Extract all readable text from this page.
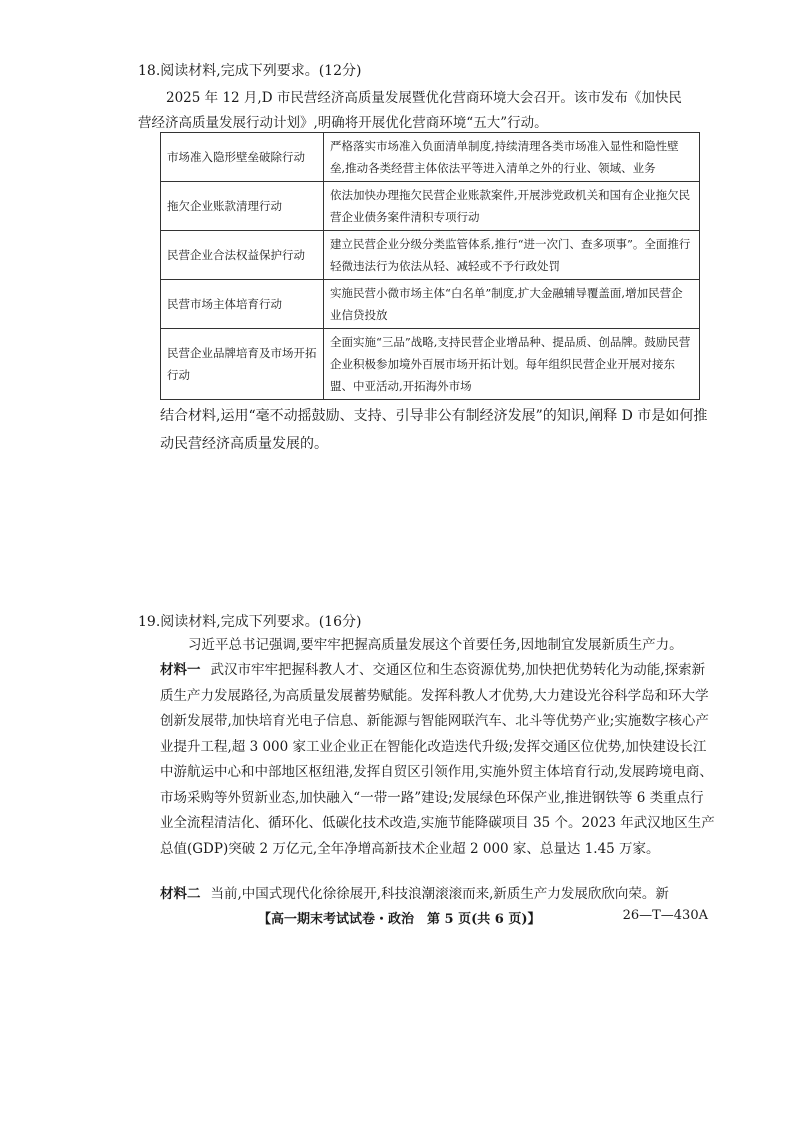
18.阅读材料,完成下列要求。(12分)
2025 年 12 月,D 市民营经济高质量发展暨优化营商环境大会召开。该市发布《加快民
营经济高质量发展行动计划》,明确将开展优化营商环境“五大”行动。
市场准入隐形壁垒破除行动	严格落实市场准入负面清单制度,持续清理各类市场准入显性和隐性壁垒,推动各类经营主体依法平等进入清单之外的行业、领域、业务
拖欠企业账款清理行动	依法加快办理拖欠民营企业账款案件,开展涉党政机关和国有企业拖欠民营企业债务案件清积专项行动
民营企业合法权益保护行动	建立民营企业分级分类监管体系,推行“进一次门、查多项事”。全面推行轻微违法行为依法从轻、减轻或不予行政处罚
民营市场主体培育行动	实施民营小微市场主体“白名单”制度,扩大金融辅导覆盖面,增加民营企业信贷投放
民营企业品牌培育及市场开拓行动	全面实施“三品”战略,支持民营企业增品种、提品质、创品牌。鼓励民营企业积极参加境外百展市场开拓计划。每年组织民营企业开展对接东盟、中亚活动,开拓海外市场
结合材料,运用“毫不动摇鼓励、支持、引导非公有制经济发展”的知识,阐释 D 市是如何推动民营经济高质量发展的。
19.阅读材料,完成下列要求。(16分)
习近平总书记强调,要牢牢把握高质量发展这个首要任务,因地制宜发展新质生产力。
材料一 武汉市牢牢把握科教人才、交通区位和生态资源优势,加快把优势转化为动能,探索新质生产力发展路径,为高质量发展蓄势赋能。发挥科教人才优势,大力建设光谷科学岛和环大学创新发展带,加快培育光电子信息、新能源与智能网联汽车、北斗等优势产业;实施数字核心产业提升工程,超 3 000 家工业企业正在智能化改造迭代升级;发挥交通区位优势,加快建设长江中游航运中心和中部地区枢纽港,发挥自贸区引领作用,实施外贸主体培育行动,发展跨境电商、市场采购等外贸新业态,加快融入“一带一路”建设;发展绿色环保产业,推进钢铁等 6 类重点行业全流程清洁化、循环化、低碳化技术改造,实施节能降碳项目 35 个。2023 年武汉地区生产总值(GDP)突破 2 万亿元,全年净增高新技术企业超 2 000 家、总量达 1.45 万家。
材料二 当前,中国式现代化徐徐展开,科技浪潮滚滚而来,新质生产力发展欣欣向荣。新
【高一期末考试试卷・政治　第 5 页(共 6 页)】	26—T—430A
